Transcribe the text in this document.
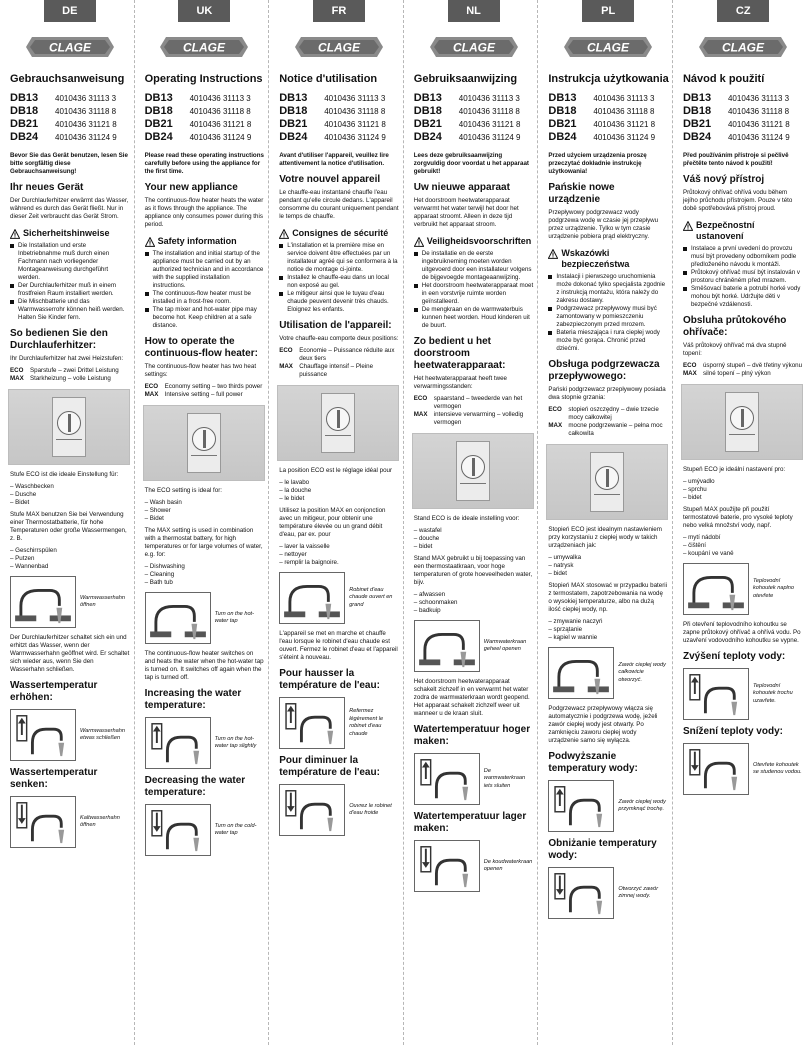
DE
CLAGE
Gebrauchsanweisung
DB13	4010436 31113 3
DB18	4010436 31118 8
DB21	4010436 31121 8
DB24	4010436 31124 9
Bevor Sie das Gerät benutzen, lesen Sie bitte sorgfältig diese Gebrauchsanweisung!
Ihr neues Gerät
Der Durchlauferhitzer erwärmt das Wasser, während es durch das Gerät fließt. Nur in dieser Zeit verbraucht das Gerät Strom.
Sicherheitshinweise
Die Installation und erste Inbetriebnahme muß durch einen Fachmann nach vorliegender Montageanweisung durchgeführt werden.
Der Durchlauferhitzer muß in einem frostfreien Raum installiert werden.
Die Mischbatterie und das Warmwasserrohr können heiß werden. Halten Sie Kinder fern.
So bedienen Sie den Durchlauferhitzer:
Ihr Durchlauferhitzer hat zwei Heizstufen:
ECO	Sparstufe – zwei Drittel Leistung
MAX	Starkheizung – volle Leistung
Stufe ECO ist die ideale Einstellung für:
– Waschbecken
– Dusche
– Bidet
Stufe MAX benutzen Sie bei Verwendung einer Thermostatbatterie, für hohe Temperaturen oder große Wassermengen, z. B.
– Geschirrspülen
– Putzen
– Wannenbad
Warmwasserhahn öffnen
Der Durchlauferhitzer schaltet sich ein und erhitzt das Wasser, wenn der Warmwasserhahn geöffnet wird. Er schaltet sich wieder aus, wenn Sie den Wasserhahn schließen.
Wassertemperatur erhöhen:
Warmwasserhahn etwas schließen
Wassertemperatur senken:
Kaltwasserhahn öffnen
UK
CLAGE
Operating Instructions
DB13	4010436 31113 3
DB18	4010436 31118 8
DB21	4010436 31121 8
DB24	4010436 31124 9
Please read these operating instructions carefully before using the appliance for the first time.
Your new appliance
The continuous-flow heater heats the water as it flows through the appliance. The appliance only consumes power during this period.
Safety information
The installation and initial startup of the appliance must be carried out by an authorized technician and in accordance with the supplied installation instructions.
The continuous-flow heater must be installed in a frost-free room.
The tap mixer and hot-water pipe may become hot. Keep children at a safe distance.
How to operate the continuous-flow heater:
The continuous-flow heater has two heat settings:
ECO	Economy setting – two thirds power
MAX	Intensive setting – full power
The ECO setting is ideal for:
– Wash basin
– Shower
– Bidet
The MAX setting is used in combination with a thermostat battery, for high temperatures or for large volumes of water, e.g. for:
– Dishwashing
– Cleaning
– Bath tub
Turn on the hot-water tap
The continuous-flow heater switches on and heats the water when the hot-water tap is turned on. It switches off again when the tap is turned off.
Increasing the water temperature:
Turn on the hot-water tap slightly
Decreasing the water temperature:
Turn on the cold-water tap
FR
CLAGE
Notice d'utilisation
DB13	4010436 31113 3
DB18	4010436 31118 8
DB21	4010436 31121 8
DB24	4010436 31124 9
Avant d'utiliser l'appareil, veuillez lire attentivement la notice d'utilisation.
Votre nouvel appareil
Le chauffe-eau instantané chauffe l'eau pendant qu'elle circule dedans. L'appareil consomme du courant uniquement pendant le temps de chauffe.
Consignes de sécurité
L'installation et la première mise en service doivent être effectuées par un installateur agréé qui se conformera à la notice de montage ci-jointe.
Installez le chauffe-eau dans un local non exposé au gel.
Le mitigeur ainsi que le tuyau d'eau chaude peuvent devenir très chauds. Eloignez les enfants.
Utilisation de l'appareil:
Votre chauffe-eau comporte deux positions:
ECO	Economie – Puissance réduite aux deux tiers
MAX	Chauffage intensif – Pleine puissance
La position ECO est le réglage idéal pour
– le lavabo
– la douche
– le bidet
Utilisez la position MAX en conjonction avec un mitigeur, pour obtenir une température élevée ou un grand débit d'eau, par ex. pour
– laver la vaisselle
– nettoyer
– remplir la baignoire.
Robinet d'eau chaude ouvert en grand
L'appareil se met en marche et chauffe l'eau lorsque le robinet d'eau chaude est ouvert. Fermez le robinet d'eau et l'appareil s'éteint à nouveau.
Pour hausser la température de l'eau:
Refermez légèrement le robinet d'eau chaude
Pour diminuer la température de l'eau:
Ouvrez le robinet d'eau froide
NL
CLAGE
Gebruiksaanwijzing
DB13	4010436 31113 3
DB18	4010436 31118 8
DB21	4010436 31121 8
DB24	4010436 31124 9
Lees deze gebruiksaanwijzing zorgvuldig door voordat u het apparaat gebruikt!
Uw nieuwe apparaat
Het doorstroom heetwaterapparaat verwarmt het water terwijl het door het apparaat stroomt. Alleen in deze tijd verbruikt het apparaat stroom.
Veiligheidsvoorschriften
De installatie en de eerste ingebruikneming moeten worden uitgevoerd door een installateur volgens de bijgevoegde montageaanwijzing.
Het doorstroom heetwaterapparaat moet in een vorstvrije ruimte worden geïnstalleerd.
De mengkraan en de warmwaterbuis kunnen heet worden. Houd kinderen uit de buurt.
Zo bedient u het doorstroom heetwaterapparaat:
Het heetwaterapparaat heeft twee verwarmingsstanden:
ECO	spaarstand – tweederde van het vermogen
MAX	intensieve verwarming – volledig vermogen
Stand ECO is de ideale instelling voor:
– wastafel
– douche
– bidet
Stand MAX gebruikt u bij toepassing van een thermostaatkraan, voor hoge temperaturen of grote hoeveelheden water, bijv.
– afwassen
– schoonmaken
– badkuip
Warmwaterkraan geheel openen
Het doorstroom heetwaterapparaat schakelt zichzelf in en verwarmt het water zodra de warmwaterkraan wordt geopend. Het apparaat schakelt zichzelf weer uit wanneer u de kraan sluit.
Watertemperatuur hoger maken:
De warmwaterkraan iets sluiten
Watertemperatuur lager maken:
De koudwaterkraan openen
PL
CLAGE
Instrukcja użytkowania
DB13	4010436 31113 3
DB18	4010436 31118 8
DB21	4010436 31121 8
DB24	4010436 31124 9
Przed użyciem urządzenia proszę przeczytać dokładnie instrukcję użytkowania!
Pańskie nowe urządzenie
Przepływowy podgrzewacz wody podgrzewa wodę w czasie jej przepływu przez urządzenie. Tylko w tym czasie urządzenie pobiera prąd elektryczny.
Wskazówki bezpieczeństwa
Instalacji i pierwszego uruchomienia może dokonać tylko specjalista zgodnie z instrukcją montażu, która należy do zakresu dostawy.
Podgrzewacz przepływowy musi być zamontowany w pomieszczeniu zabezpieczonym przed mrozem.
Bateria mieszająca i rura ciepłej wody może być gorąca. Chronić przed dziećmi.
Obsługa podgrzewacza przepływowego:
Pański podgrzewacz przepływowy posiada dwa stopnie grzania:
ECO	stopień oszczędny – dwie trzecie mocy całkowitej
MAX	mocne podgrzewanie – pełna moc całkowita
Stopień ECO jest idealnym nastawieniem przy korzystaniu z ciepłej wody w takich urządzeniach jak:
– umywalka
– natrysk
– bidet
Stopień MAX stosować w przypadku baterii z termostatem, zapotrzebowania na wodę o wysokiej temperaturze, albo na dużą ilość ciepłej wody, np.
– zmywanie naczyń
– sprzątanie
– kąpiel w wannie
Zawór ciepłej wody całkowicie otworzyć.
Podgrzewacz przepływowy włącza się automatycznie i podgrzewa wodę, jeżeli zawór ciepłej wody jest otwarty. Po zamknięciu zaworu ciepłej wody urządzenie samo się wyłącza.
Podwyższanie temperatury wody:
Zawór ciepłej wody przymknąć trochę.
Obniżanie temperatury wody:
Otworzyć zawór zimnej wody.
CZ
CLAGE
Návod k použití
DB13	4010436 31113 3
DB18	4010436 31118 8
DB21	4010436 31121 8
DB24	4010436 31124 9
Před používáním přístroje si pečlivě přečtěte tento návod k použití!
Váš nový přístroj
Průtokový ohřívač ohřívá vodu během jejího průchodu přístrojem. Pouze v této době spotřebovává přístroj proud.
Bezpečnostní ustanovení
Instalace a první uvedení do provozu musí být provedeny odborníkem podle předloženého návodu k montáži.
Průtokový ohřívač musí být instalován v prostoru chráněném před mrazem.
Směšovací baterie a potrubí horké vody mohou být horké. Udržujte děti v bezpečné vzdálenosti.
Obsluha průtokového ohřívače:
Váš průtokový ohřívač má dva stupně topení:
ECO	úsporný stupeň – dvě třetiny výkonu
MAX	silné topení – plný výkon
Stupeň ECO je ideální nastavení pro:
– umývadlo
– sprchu
– bidet
Stupeň MAX použijte při použití termostatové baterie, pro vysoké teploty nebo velká množství vody, např.
– mytí nádobí
– čištění
– koupání ve vaně
Teplovodní kohoutek naplno otevřete
Při otevření teplovodního kohoutku se zapne průtokový ohřívač a ohřívá vodu. Po uzavření vodovodního kohoutku se vypne.
Zvýšení teploty vody:
Teplovodní kohoutek trochu uzavřete.
Snížení teploty vody:
Otevřete kohoutek se studenou vodou.
